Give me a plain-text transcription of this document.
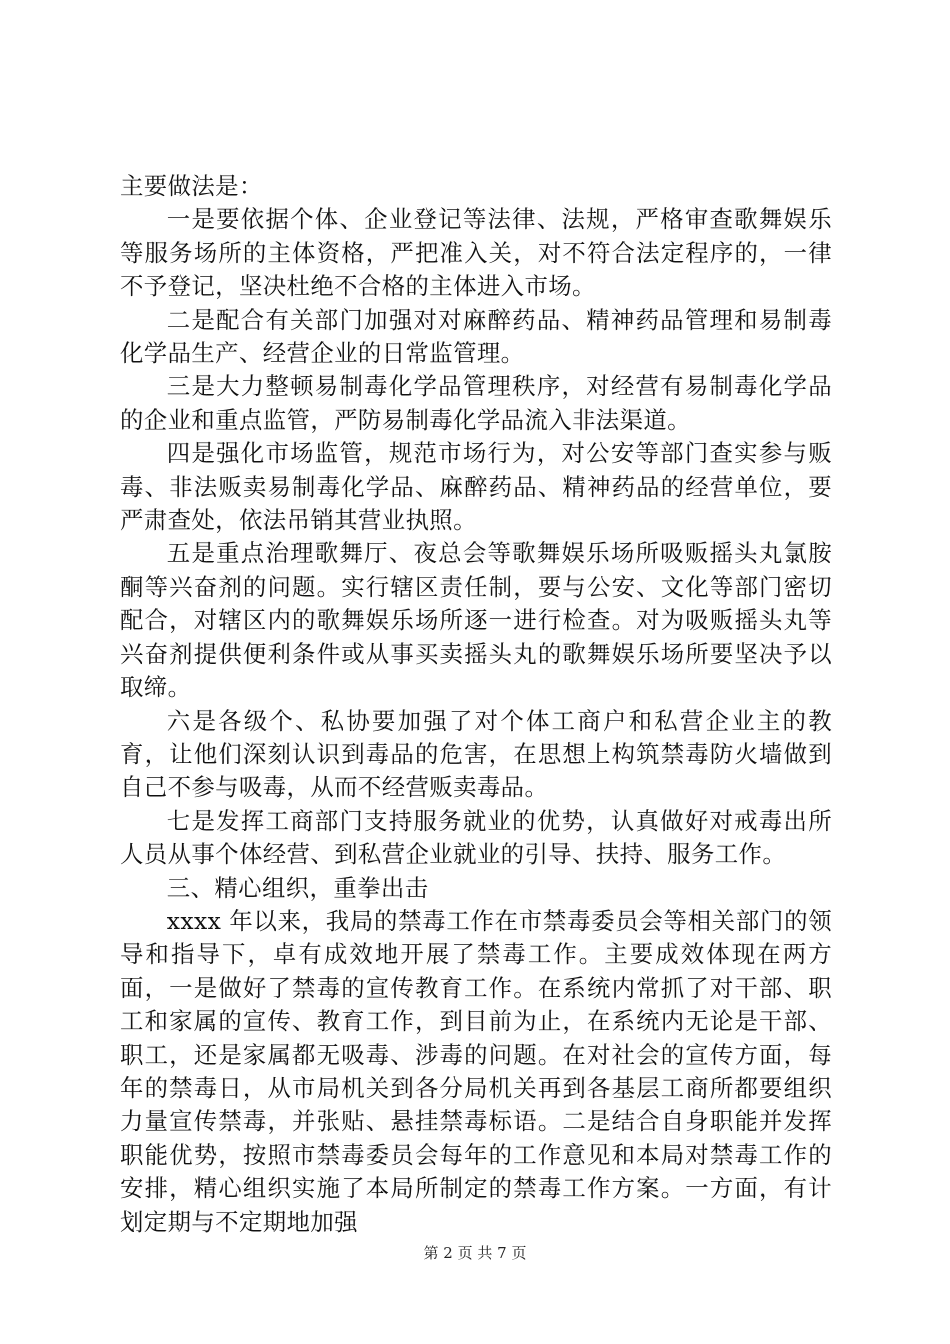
主要做法是：

一是要依据个体、企业登记等法律、法规，严格审查歌舞娱乐等服务场所的主体资格，严把准入关，对不符合法定程序的，一律不予登记，坚决杜绝不合格的主体进入市场。

二是配合有关部门加强对对麻醉药品、精神药品管理和易制毒化学品生产、经营企业的日常监管理。

三是大力整顿易制毒化学品管理秩序，对经营有易制毒化学品的企业和重点监管，严防易制毒化学品流入非法渠道。

四是强化市场监管，规范市场行为，对公安等部门查实参与贩毒、非法贩卖易制毒化学品、麻醉药品、精神药品的经营单位，要严肃查处，依法吊销其营业执照。

五是重点治理歌舞厅、夜总会等歌舞娱乐场所吸贩摇头丸氯胺酮等兴奋剂的问题。实行辖区责任制，要与公安、文化等部门密切配合，对辖区内的歌舞娱乐场所逐一进行检查。对为吸贩摇头丸等兴奋剂提供便利条件或从事买卖摇头丸的歌舞娱乐场所要坚决予以取缔。

六是各级个、私协要加强了对个体工商户和私营企业主的教育，让他们深刻认识到毒品的危害，在思想上构筑禁毒防火墙做到自己不参与吸毒，从而不经营贩卖毒品。

七是发挥工商部门支持服务就业的优势，认真做好对戒毒出所人员从事个体经营、到私营企业就业的引导、扶持、服务工作。

三、精心组织，重拳出击

xxxx 年以来，我局的禁毒工作在市禁毒委员会等相关部门的领导和指导下，卓有成效地开展了禁毒工作。主要成效体现在两方面，一是做好了禁毒的宣传教育工作。在系统内常抓了对干部、职工和家属的宣传、教育工作，到目前为止，在系统内无论是干部、职工，还是家属都无吸毒、涉毒的问题。在对社会的宣传方面，每年的禁毒日，从市局机关到各分局机关再到各基层工商所都要组织力量宣传禁毒，并张贴、悬挂禁毒标语。二是结合自身职能并发挥职能优势，按照市禁毒委员会每年的工作意见和本局对禁毒工作的安排，精心组织实施了本局所制定的禁毒工作方案。一方面，有计划定期与不定期地加强

第 2 页 共 7 页
